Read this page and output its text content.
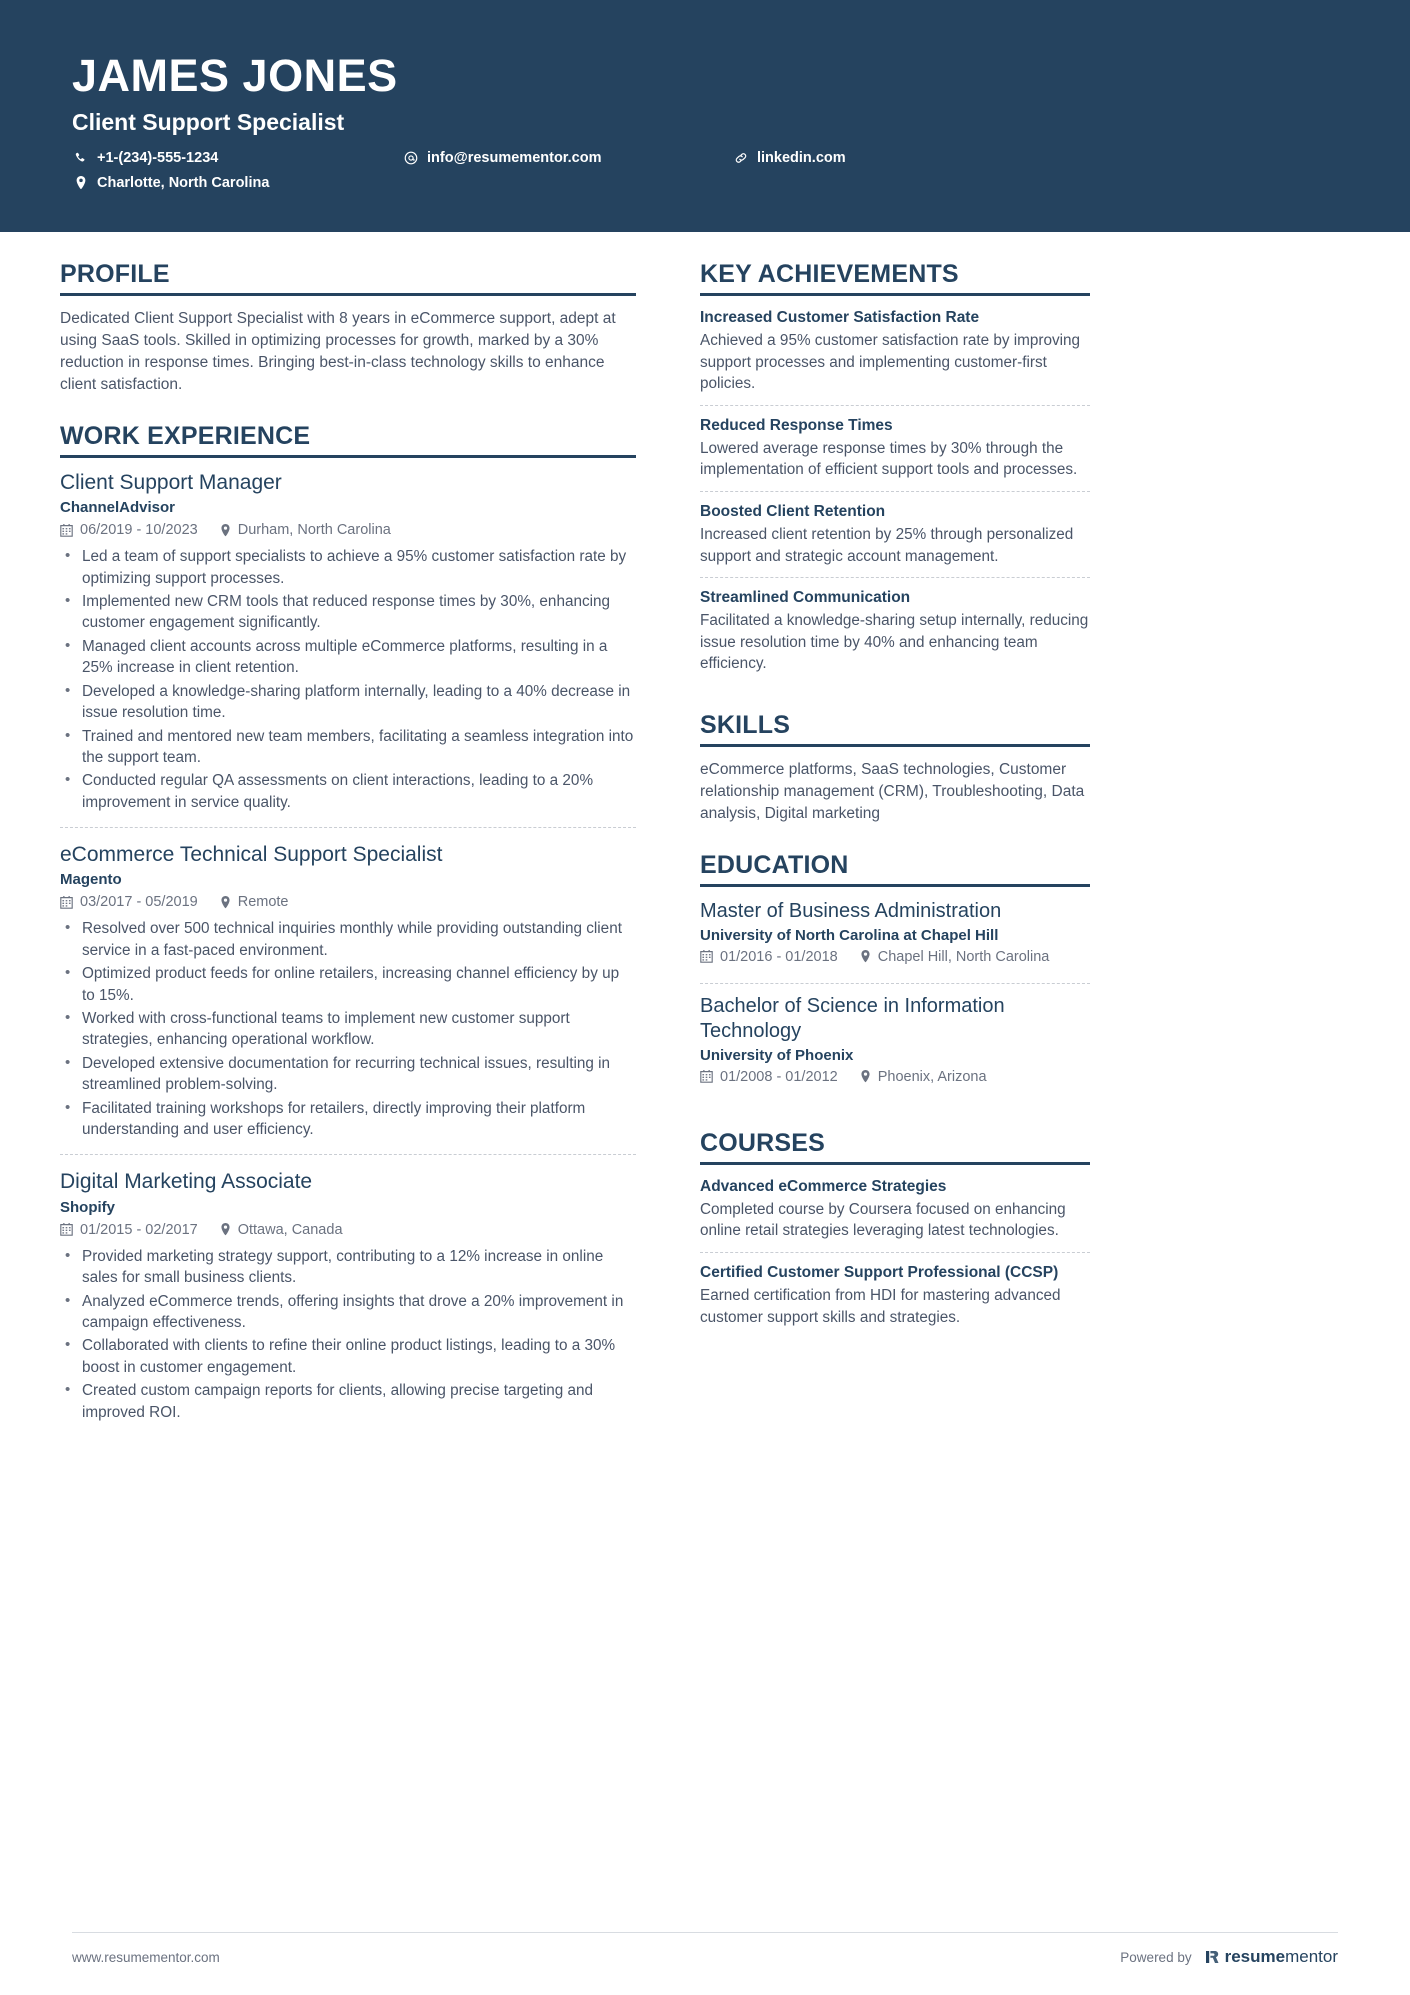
JAMES JONES
Client Support Specialist
+1-(234)-555-1234	info@resumementor.com	linkedin.com
Charlotte, North Carolina
PROFILE
Dedicated Client Support Specialist with 8 years in eCommerce support, adept at using SaaS tools. Skilled in optimizing processes for growth, marked by a 30% reduction in response times. Bringing best-in-class technology skills to enhance client satisfaction.
WORK EXPERIENCE
Client Support Manager
ChannelAdvisor
06/2019 - 10/2023	Durham, North Carolina
• Led a team of support specialists to achieve a 95% customer satisfaction rate by optimizing support processes.
• Implemented new CRM tools that reduced response times by 30%, enhancing customer engagement significantly.
• Managed client accounts across multiple eCommerce platforms, resulting in a 25% increase in client retention.
• Developed a knowledge-sharing platform internally, leading to a 40% decrease in issue resolution time.
• Trained and mentored new team members, facilitating a seamless integration into the support team.
• Conducted regular QA assessments on client interactions, leading to a 20% improvement in service quality.
eCommerce Technical Support Specialist
Magento
03/2017 - 05/2019	Remote
• Resolved over 500 technical inquiries monthly while providing outstanding client service in a fast-paced environment.
• Optimized product feeds for online retailers, increasing channel efficiency by up to 15%.
• Worked with cross-functional teams to implement new customer support strategies, enhancing operational workflow.
• Developed extensive documentation for recurring technical issues, resulting in streamlined problem-solving.
• Facilitated training workshops for retailers, directly improving their platform understanding and user efficiency.
Digital Marketing Associate
Shopify
01/2015 - 02/2017	Ottawa, Canada
• Provided marketing strategy support, contributing to a 12% increase in online sales for small business clients.
• Analyzed eCommerce trends, offering insights that drove a 20% improvement in campaign effectiveness.
• Collaborated with clients to refine their online product listings, leading to a 30% boost in customer engagement.
• Created custom campaign reports for clients, allowing precise targeting and improved ROI.
KEY ACHIEVEMENTS
Increased Customer Satisfaction Rate
Achieved a 95% customer satisfaction rate by improving support processes and implementing customer-first policies.
Reduced Response Times
Lowered average response times by 30% through the implementation of efficient support tools and processes.
Boosted Client Retention
Increased client retention by 25% through personalized support and strategic account management.
Streamlined Communication
Facilitated a knowledge-sharing setup internally, reducing issue resolution time by 40% and enhancing team efficiency.
SKILLS
eCommerce platforms, SaaS technologies, Customer relationship management (CRM), Troubleshooting, Data analysis, Digital marketing
EDUCATION
Master of Business Administration
University of North Carolina at Chapel Hill
01/2016 - 01/2018	Chapel Hill, North Carolina
Bachelor of Science in Information Technology
University of Phoenix
01/2008 - 01/2012	Phoenix, Arizona
COURSES
Advanced eCommerce Strategies
Completed course by Coursera focused on enhancing online retail strategies leveraging latest technologies.
Certified Customer Support Professional (CCSP)
Earned certification from HDI for mastering advanced customer support skills and strategies.
www.resumementor.com	Powered by resume mentor
